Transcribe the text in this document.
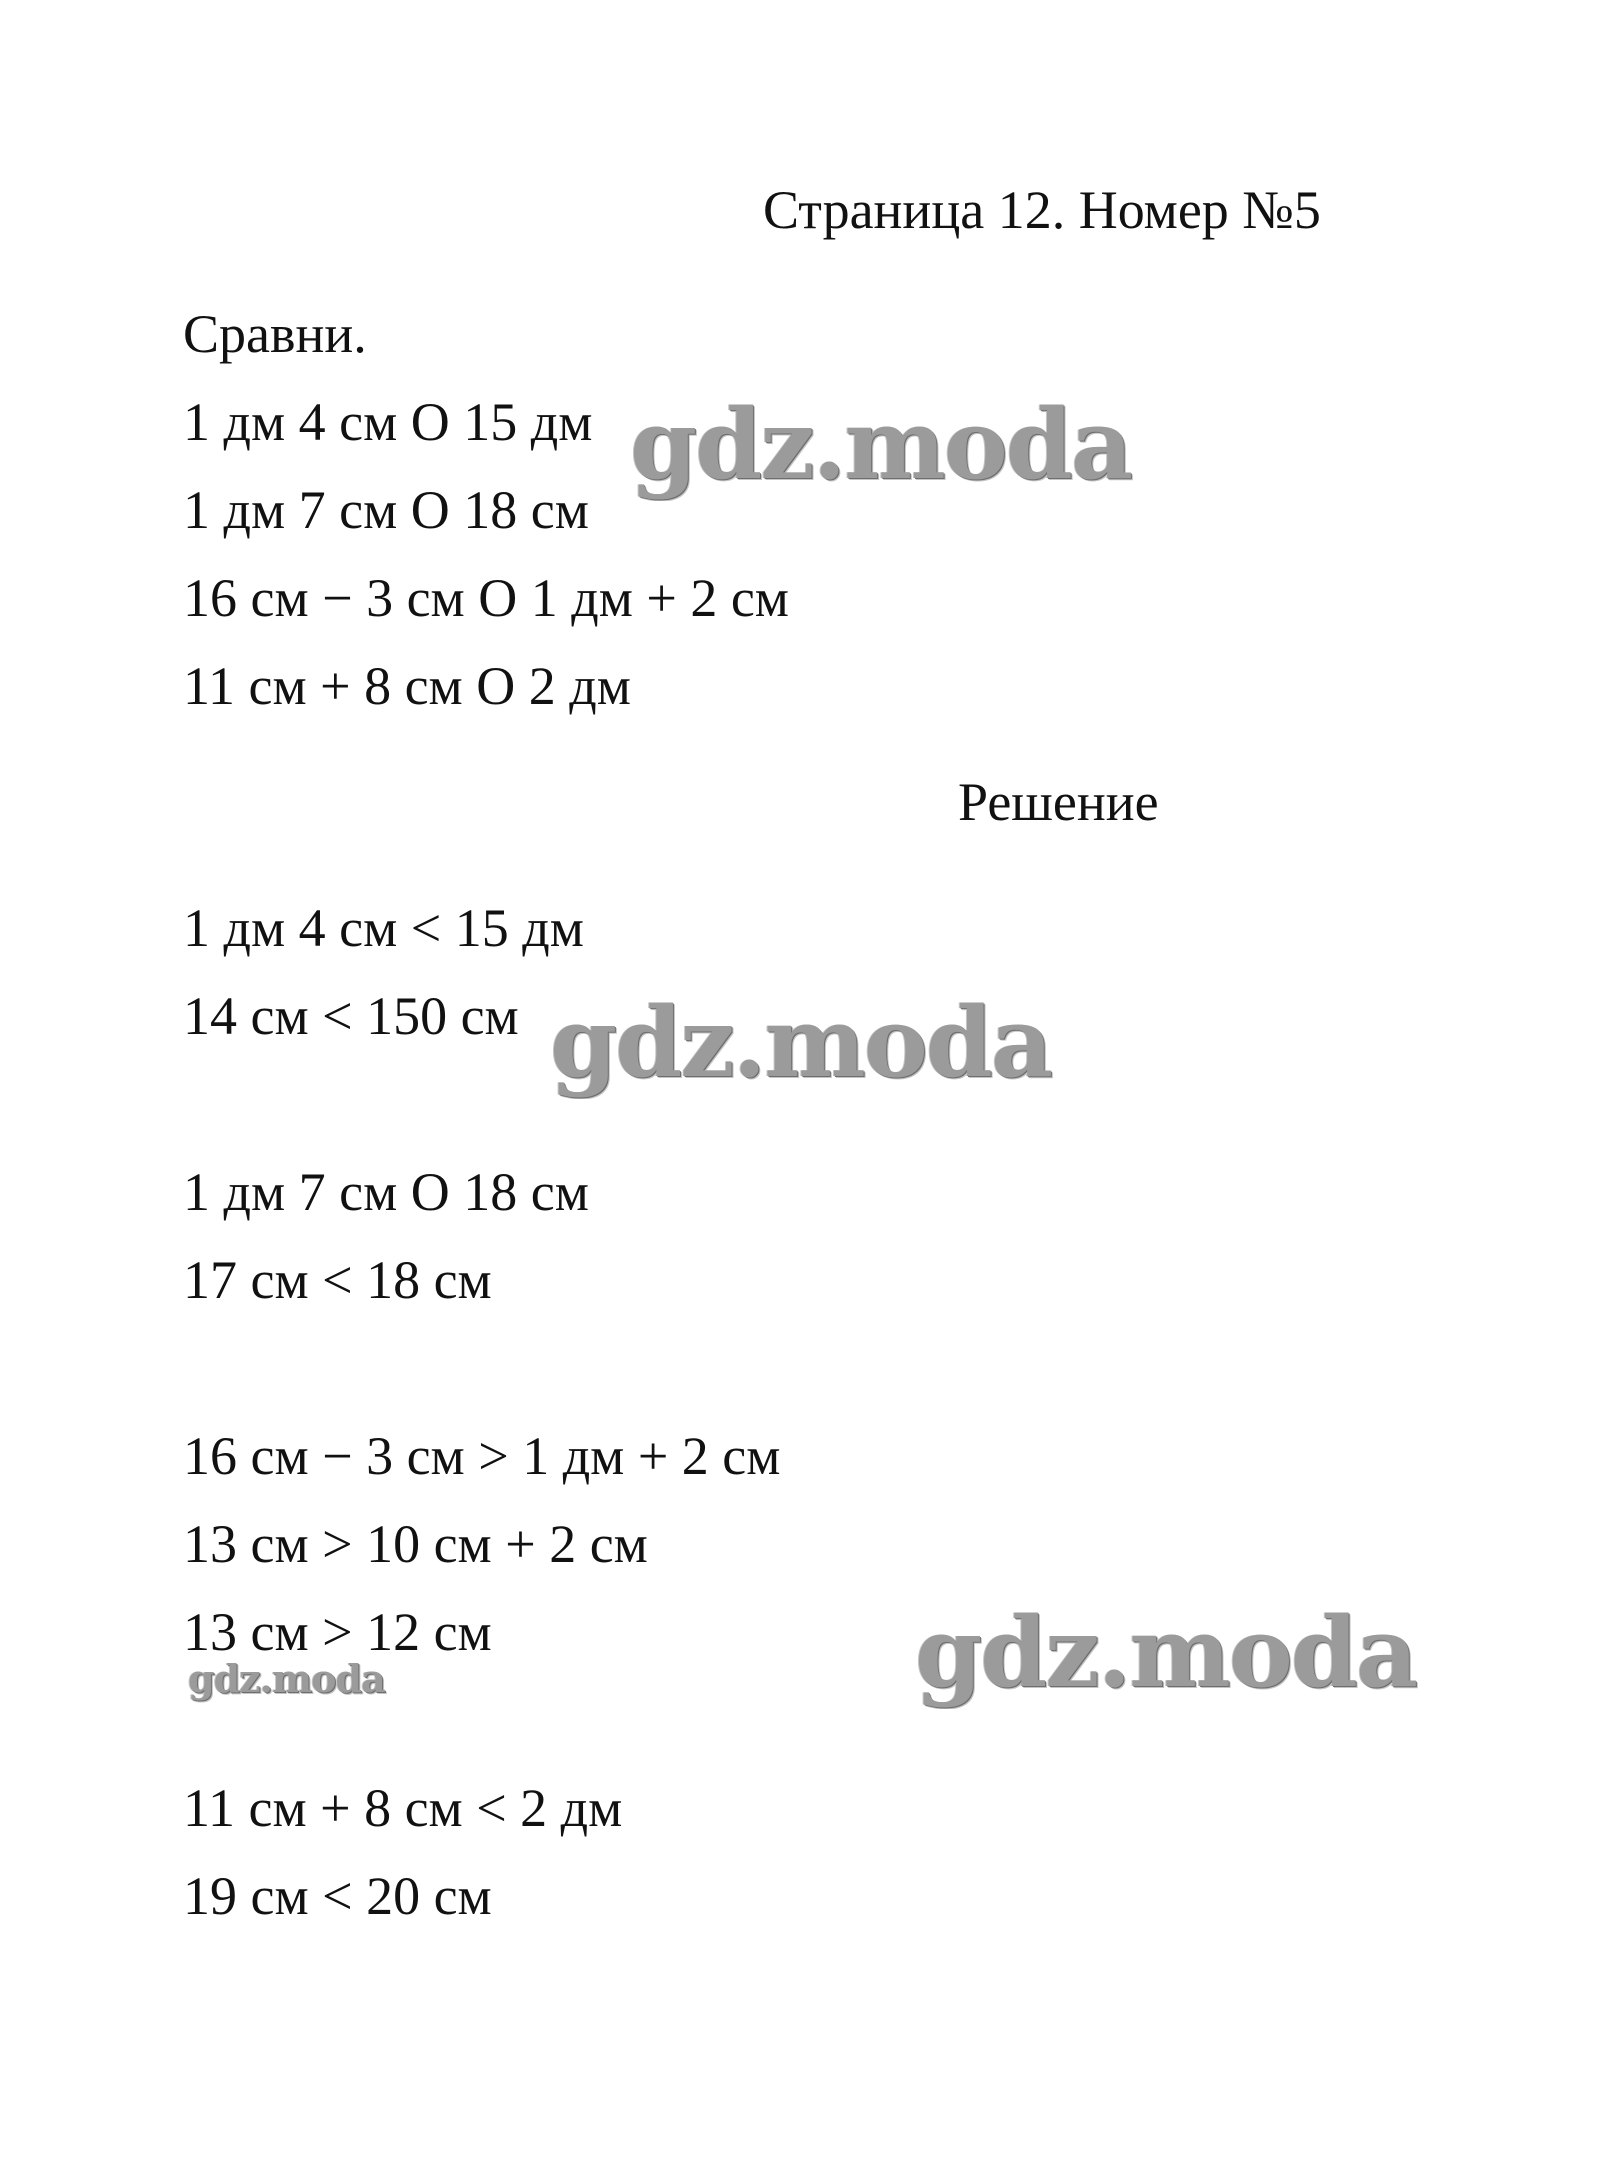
Страница 12. Номер №5

Сравни.

1 дм 4 см О 15 дм

1 дм 7 см О 18 см

16 см − 3 см О 1 дм + 2 см

11 см + 8 см О 2 дм

Решение

1 дм 4 см < 15 дм

14 см < 150 см

1 дм 7 см О 18 см

17 см < 18 см

16 см − 3 см > 1 дм + 2 см

13 см > 10 см + 2 см

13 см > 12 см

11 см + 8 см < 2 дм

19 см < 20 см

gdz.moda
gdz.moda
gdz.moda
gdz.moda
